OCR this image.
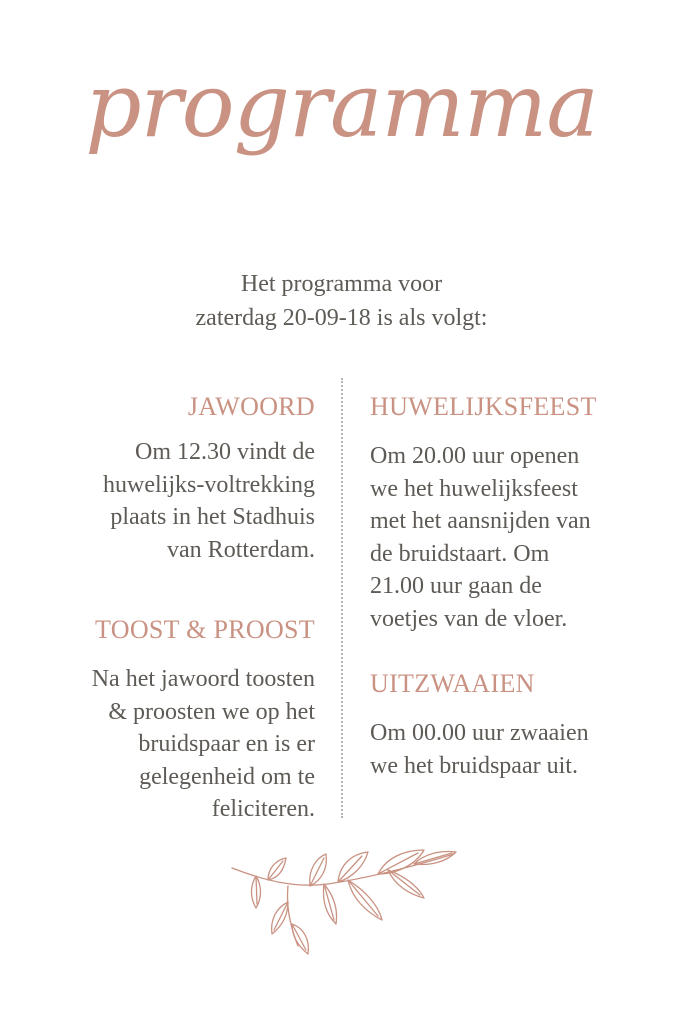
programma
Het programma voor
zaterdag 20-09-18 is als volgt:
JAWOORD
Om 12.30 vindt de
huwelijks-voltrekking
plaats in het Stadhuis
van Rotterdam.
TOOST & PROOST
Na het jawoord toosten
& proosten we op het
bruidspaar en is er
gelegenheid om te
feliciteren.
HUWELIJKSFEEST
Om 20.00 uur openen
we het huwelijksfeest
met het aansnijden van
de bruidstaart. Om
21.00 uur gaan de
voetjes van de vloer.
UITZWAAIEN
Om 00.00 uur zwaaien
we het bruidspaar uit.
